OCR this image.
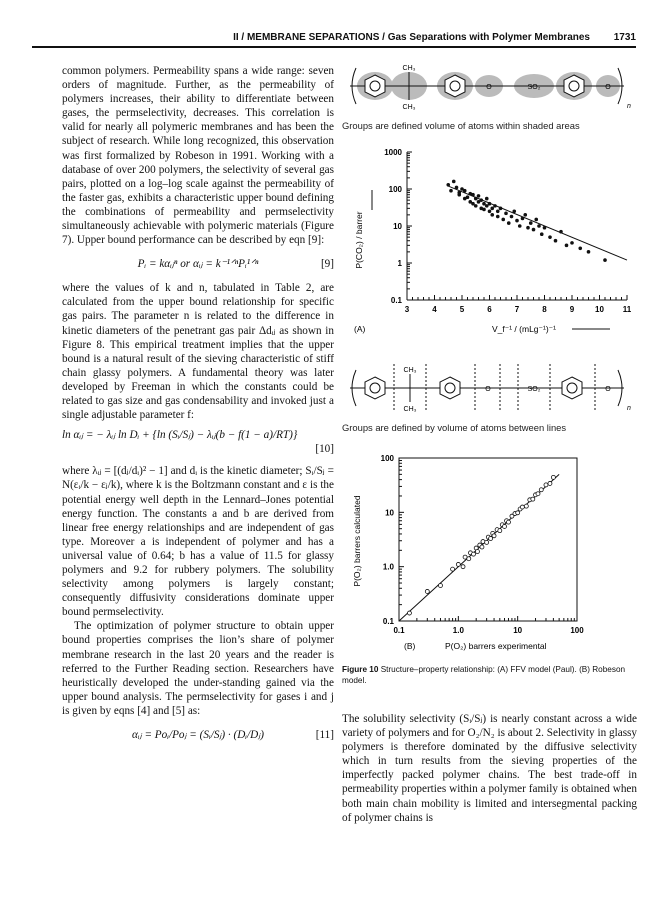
II / MEMBRANE SEPARATIONS / Gas Separations with Polymer Membranes 1731

common polymers. Permeability spans a wide range: seven orders of magnitude. Further, as the permeability of polymers increases, their ability to differentiate between gases, the permselectivity, decreases. This correlation is valid for nearly all polymeric membranes and has been the subject of research. While long recognized, this observation was first formalized by Robeson in 1991. Working with a database of over 200 polymers, the selectivity of several gas pairs, plotted on a log–log scale against the permeability of the faster gas, exhibits a characteristic upper bound defining the combinations of permeability and permselectivity simultaneously achievable with polymeric materials (Figure 7). Upper bound performance can be described by eqn [9]:

Pᵢ = kαᵢⱼⁿ or αᵢⱼ = k⁻¹ᐟⁿPᵢ¹ᐟⁿ	[9]

where the values of k and n, tabulated in Table 2, are calculated from the upper bound relationship for specific gas pairs. The parameter n is related to the difference in kinetic diameters of the penetrant gas pair Δdᵢⱼ as shown in Figure 8. This empirical treatment implies that the upper bound is a natural result of the sieving characteristic of stiff chain glassy polymers. A fundamental theory was later developed by Freeman in which the constants could be related to gas size and gas condensability and invoked just a single adjustable parameter f:

ln αᵢⱼ = − λᵢⱼ ln Dᵢ + {ln (Sᵢ/Sⱼ) − λᵢⱼ(b − f(1 − a)/RT)}
[10]

where λᵢⱼ = [(dⱼ/dᵢ)² − 1] and dᵢ is the kinetic diameter; Sᵢ/Sⱼ = N(εᵢ/k − εⱼ/k), where k is the Boltzmann constant and ε is the potential energy well depth in the Lennard–Jones potential energy function. The constants a and b are derived from linear free energy relationships and are independent of gas type. Moreover a is independent of polymer and has a universal value of 0.64; b has a value of 11.5 for glassy polymers and 9.2 for rubbery polymers. The solubility selectivity among polymers is largely constant; consequently diffusivity considerations dominate upper bound permselectivity.

The optimization of polymer structure to obtain upper bound properties comprises the lion’s share of polymer membrane research in the last 20 years and the reader is referred to the Further Reading section. Researchers have heuristically developed the under-standing gained via the upper bound analysis. The permselectivity for gases i and j is given by eqns [4] and [5] as:

αᵢⱼ = Poᵢ/Poⱼ = (Sᵢ/Sⱼ) · (Dᵢ/Dⱼ)	[11]
CH₃
CH₃
O	SO₂	O
n
Groups are defined volume of atoms within shaded areas
0.1
1
10
100
1000
3	4	5	6	7	8	9	10 11
P(CO₂) / barrer
(A)	V_f⁻¹ / (mLg⁻¹)⁻¹
CH₃
CH₃
O	SO₂	O
n
Groups are defined by volume of atoms between lines
0.1
1.0
10
100
0.1	1.0	10	100
P(O₂) barrers calculated
(B)	P(O₂) barrers experimental
Figure 10 Structure–property relationship: (A) FFV model (Paul). (B) Robeson model.

The solubility selectivity (Sᵢ/Sⱼ) is nearly constant across a wide variety of polymers and for O₂/N₂ is about 2. Selectivity in glassy polymers is therefore dominated by the diffusive selectivity which in turn results from the sieving properties of the imperfectly packed polymer chains. The best trade-off in permeability properties within a polymer family is obtained when both main chain mobility is limited and intersegmental packing of polymer chains is
